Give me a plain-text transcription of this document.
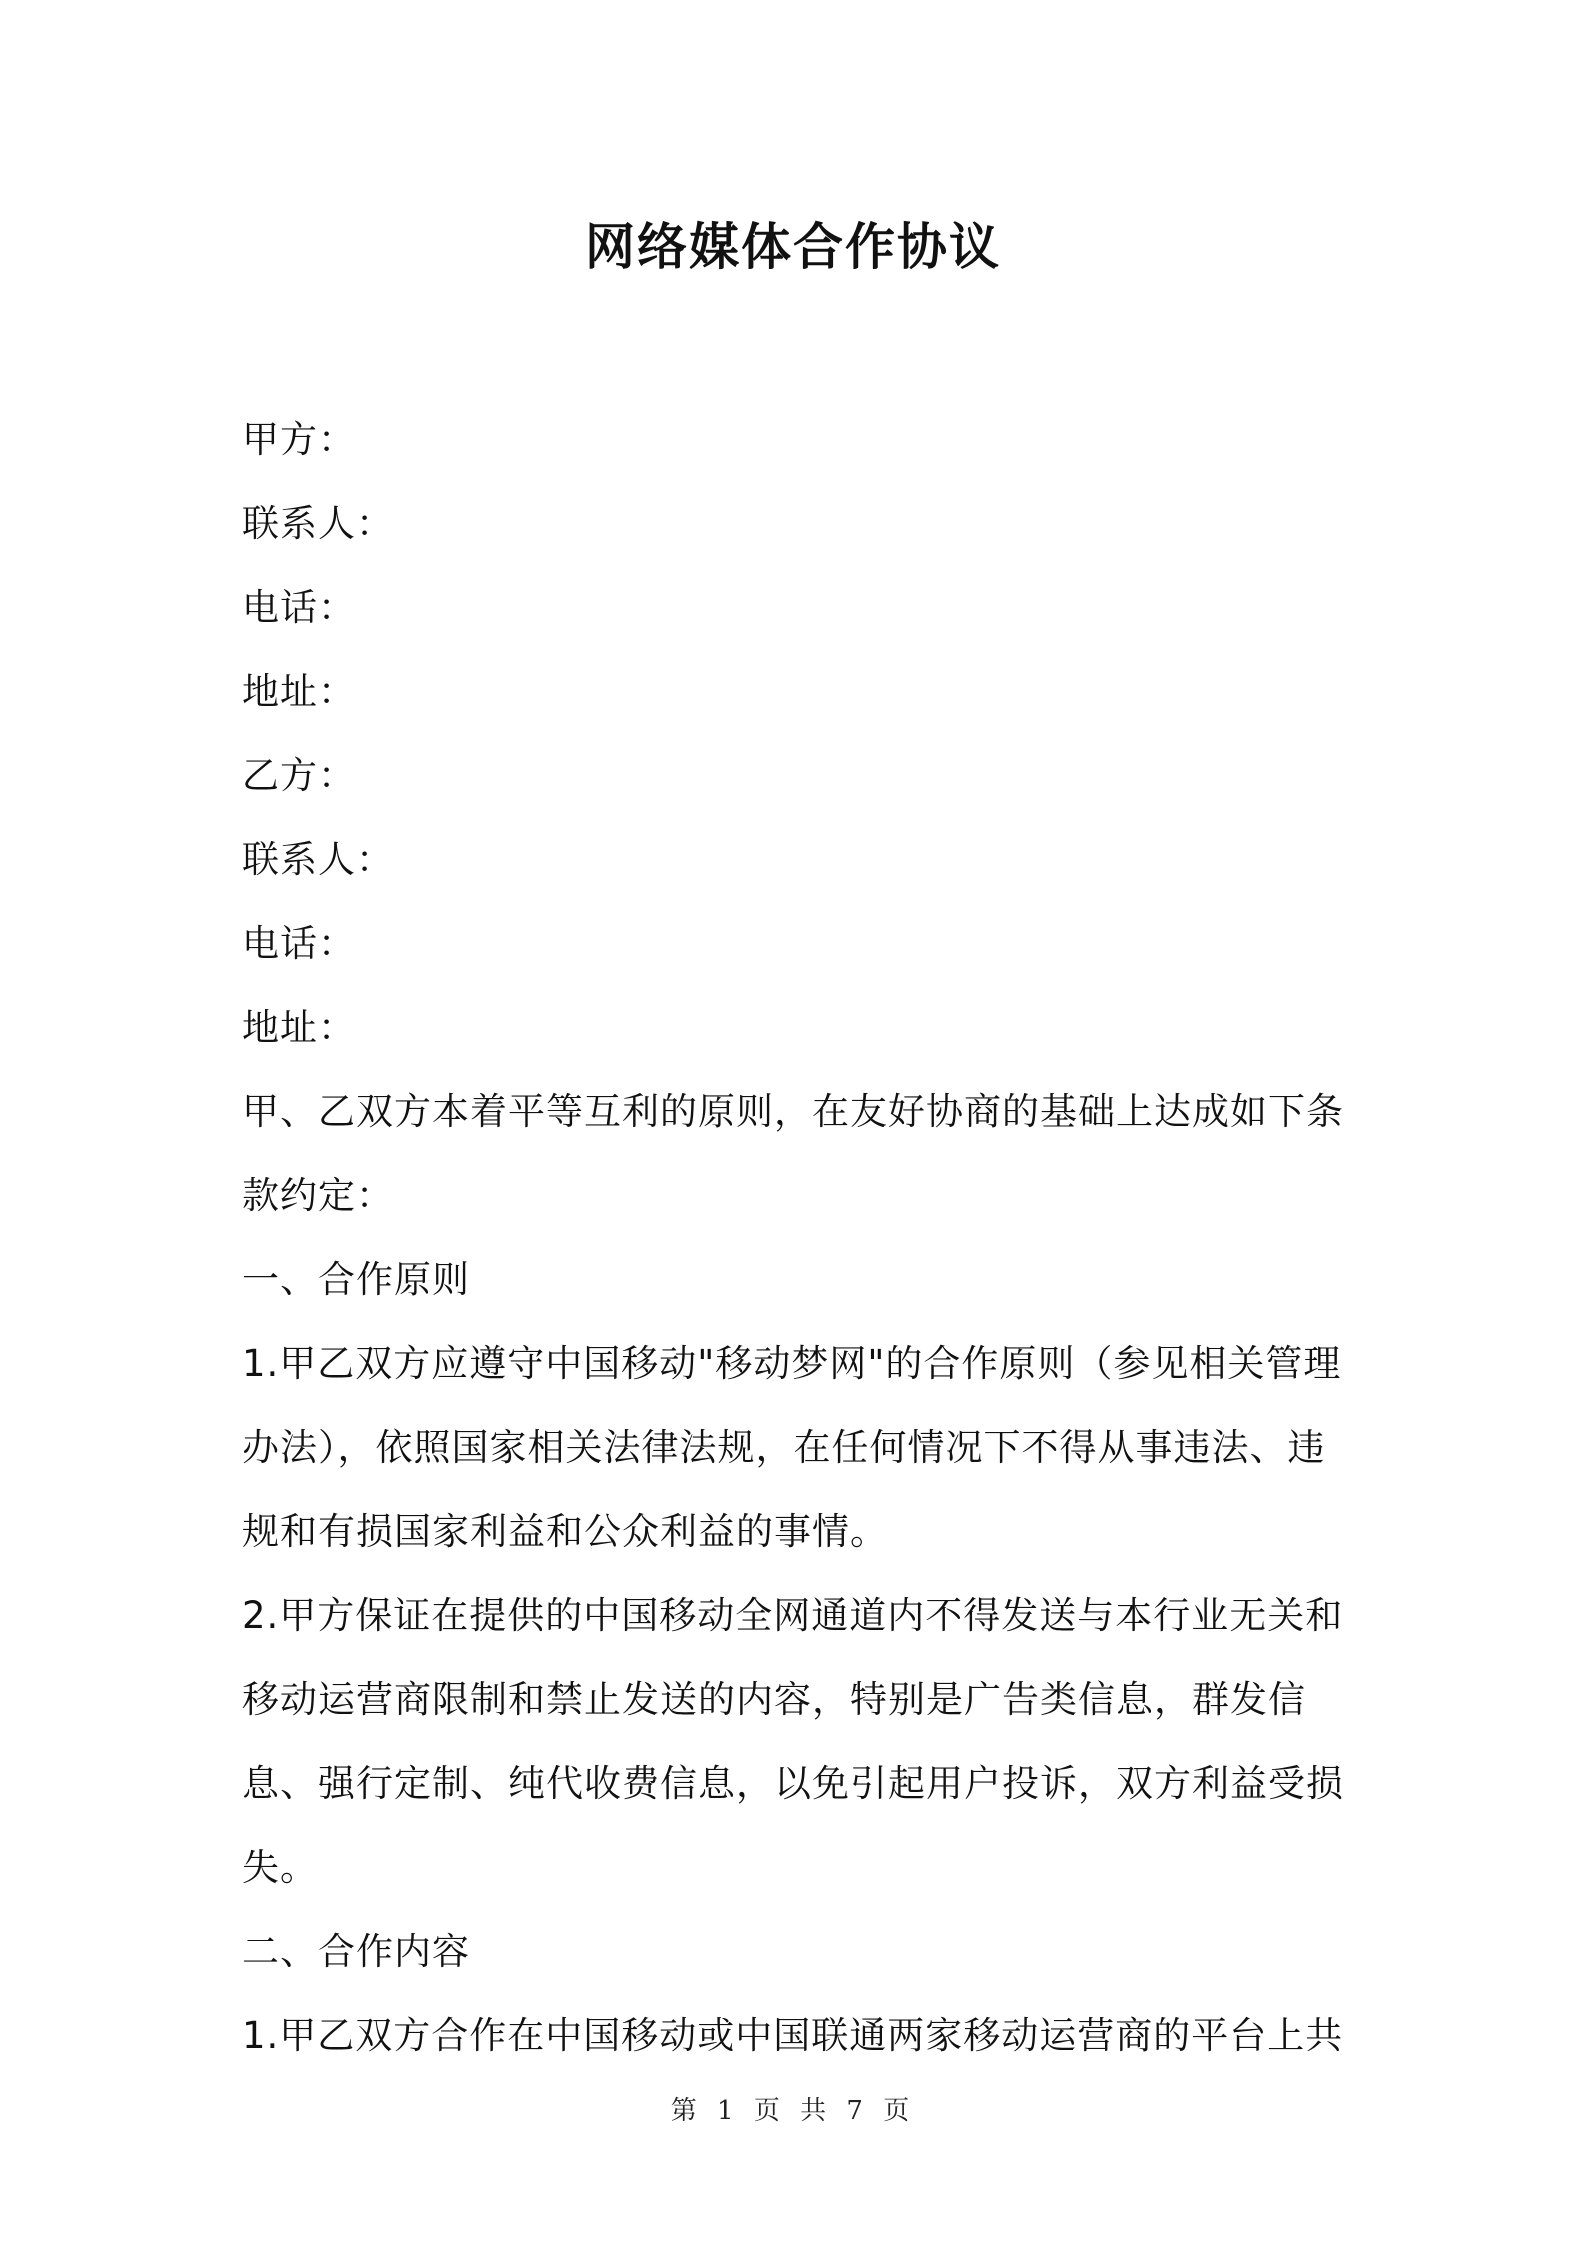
网络媒体合作协议

甲方：

联系人：

电话：

地址：

乙方：

联系人：

电话：

地址：

甲、乙双方本着平等互利的原则，在友好协商的基础上达成如下条款约定：

一、合作原则

1.甲乙双方应遵守中国移动"移动梦网"的合作原则（参见相关管理办法），依照国家相关法律法规，在任何情况下不得从事违法、违规和有损国家利益和公众利益的事情。

2.甲方保证在提供的中国移动全网通道内不得发送与本行业无关和移动运营商限制和禁止发送的内容，特别是广告类信息，群发信息、强行定制、纯代收费信息，以免引起用户投诉，双方利益受损失。

二、合作内容

1.甲乙双方合作在中国移动或中国联通两家移动运营商的平台上共

第 1 页 共 7 页
